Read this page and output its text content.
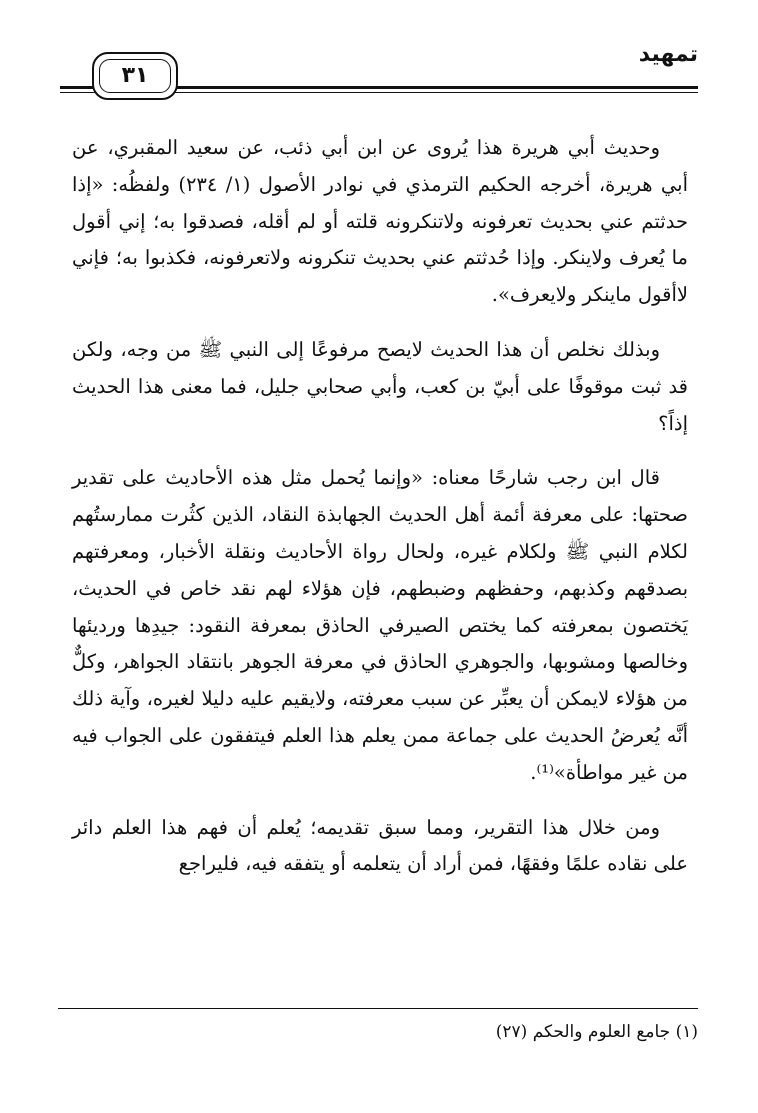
تمهيد
٣١

وحديث أبي هريرة هذا يُروى عن ابن أبي ذئب، عن سعيد المقبري، عن أبي هريرة، أخرجه الحكيم الترمذي في نوادر الأصول (١/ ٢٣٤) ولفظُه: «إذا حدثتم عني بحديث تعرفونه ولاتنكرونه قلته أو لم أقله، فصدقوا به؛ إني أقول ما يُعرف ولاينكر. وإذا حُدثتم عني بحديث تنكرونه ولاتعرفونه، فكذبوا به؛ فإني لاأقول ماينكر ولايعرف».

وبذلك نخلص أن هذا الحديث لايصح مرفوعًا إلى النبي ﷺ من وجه، ولكن قد ثبت موقوفًا على أبيّ بن كعب، وأبي صحابي جليل، فما معنى هذا الحديث إذاً؟

قال ابن رجب شارحًا معناه: «وإنما يُحمل مثل هذه الأحاديث على تقدير صحتها: على معرفة أئمة أهل الحديث الجهابذة النقاد، الذين كثُرت ممارستُهم لكلام النبي ﷺ ولكلام غيره، ولحال رواة الأحاديث ونقلة الأخبار، ومعرفتهم بصدقهم وكذبهم، وحفظهم وضبطهم، فإن هؤلاء لهم نقد خاص في الحديث، يَختصون بمعرفته كما يختص الصيرفي الحاذق بمعرفة النقود: جيدِها ورديئها وخالصها ومشوبها، والجوهري الحاذق في معرفة الجوهر بانتقاد الجواهر، وكلٌّ من هؤلاء لايمكن أن يعبِّر عن سبب معرفته، ولايقيم عليه دليلا لغيره، وآية ذلك أنَّه يُعرضُ الحديث على جماعة ممن يعلم هذا العلم فيتفقون على الجواب فيه من غير مواطأة»⁽¹⁾.

ومن خلال هذا التقرير، ومما سبق تقديمه؛ يُعلم أن فهم هذا العلم دائر على نقاده علمًا وفقهًا، فمن أراد أن يتعلمه أو يتفقه فيه، فليراجع

(١) جامع العلوم والحكم (٢٧)
